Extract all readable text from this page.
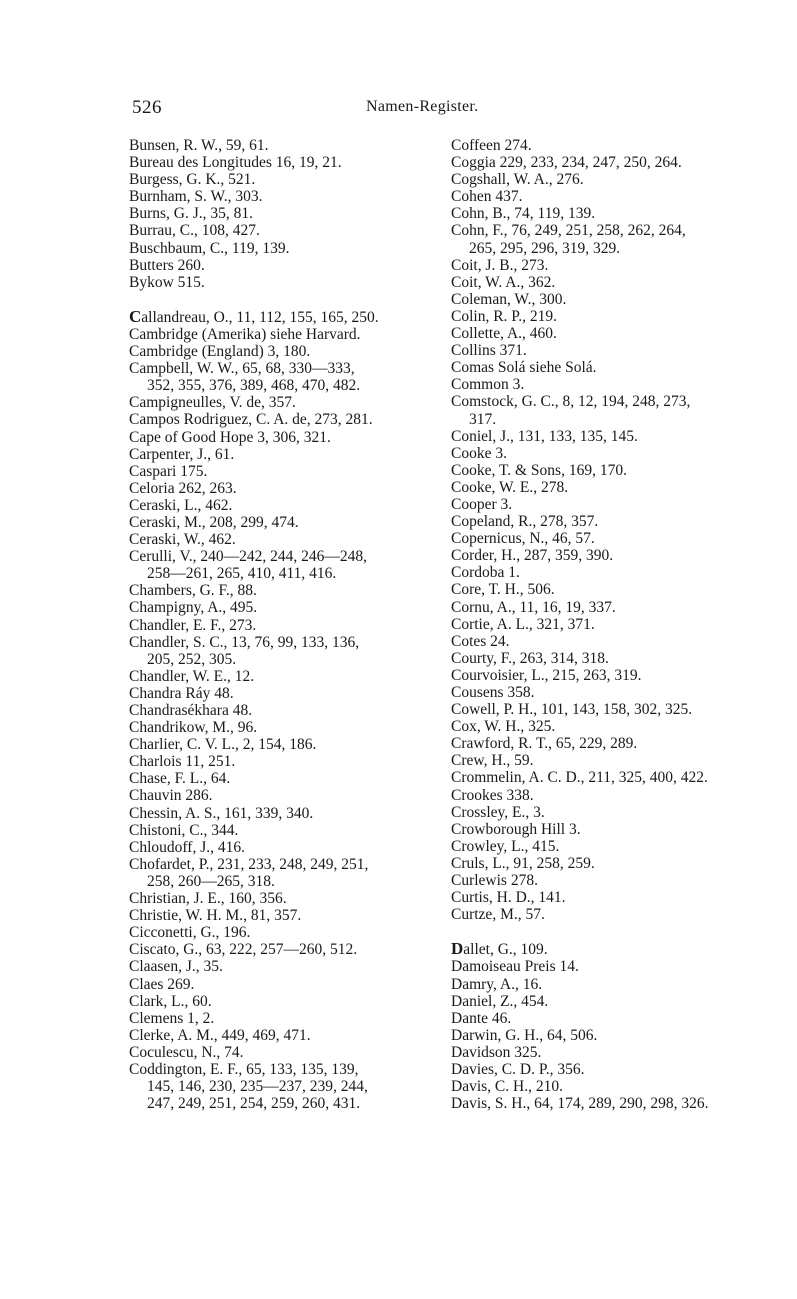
526	Namen-Register.
Bunsen, R. W., 59, 61.
Bureau des Longitudes 16, 19, 21.
Burgess, G. K., 521.
Burnham, S. W., 303.
Burns, G. J., 35, 81.
Burrau, C., 108, 427.
Buschbaum, C., 119, 139.
Butters 260.
Bykow 515.
Callandreau, O., 11, 112, 155, 165, 250.
Cambridge (Amerika) siehe Harvard.
Cambridge (England) 3, 180.
Campbell, W. W., 65, 68, 330—333,
352, 355, 376, 389, 468, 470, 482.
Campigneulles, V. de, 357.
Campos Rodriguez, C. A. de, 273, 281.
Cape of Good Hope 3, 306, 321.
Carpenter, J., 61.
Caspari 175.
Celoria 262, 263.
Ceraski, L., 462.
Ceraski, M., 208, 299, 474.
Ceraski, W., 462.
Cerulli, V., 240—242, 244, 246—248,
258—261, 265, 410, 411, 416.
Chambers, G. F., 88.
Champigny, A., 495.
Chandler, E. F., 273.
Chandler, S. C., 13, 76, 99, 133, 136,
205, 252, 305.
Chandler, W. E., 12.
Chandra Ráy 48.
Chandrasékhara 48.
Chandrikow, M., 96.
Charlier, C. V. L., 2, 154, 186.
Charlois 11, 251.
Chase, F. L., 64.
Chauvin 286.
Chessin, A. S., 161, 339, 340.
Chistoni, C., 344.
Chloudoff, J., 416.
Chofardet, P., 231, 233, 248, 249, 251,
258, 260—265, 318.
Christian, J. E., 160, 356.
Christie, W. H. M., 81, 357.
Cicconetti, G., 196.
Ciscato, G., 63, 222, 257—260, 512.
Claasen, J., 35.
Claes 269.
Clark, L., 60.
Clemens 1, 2.
Clerke, A. M., 449, 469, 471.
Coculescu, N., 74.
Coddington, E. F., 65, 133, 135, 139,
145, 146, 230, 235—237, 239, 244,
247, 249, 251, 254, 259, 260, 431.
Coffeen 274.
Coggia 229, 233, 234, 247, 250, 264.
Cogshall, W. A., 276.
Cohen 437.
Cohn, B., 74, 119, 139.
Cohn, F., 76, 249, 251, 258, 262, 264,
265, 295, 296, 319, 329.
Coit, J. B., 273.
Coit, W. A., 362.
Coleman, W., 300.
Colin, R. P., 219.
Collette, A., 460.
Collins 371.
Comas Solá siehe Solá.
Common 3.
Comstock, G. C., 8, 12, 194, 248, 273,
317.
Coniel, J., 131, 133, 135, 145.
Cooke 3.
Cooke, T. & Sons, 169, 170.
Cooke, W. E., 278.
Cooper 3.
Copeland, R., 278, 357.
Copernicus, N., 46, 57.
Corder, H., 287, 359, 390.
Cordoba 1.
Core, T. H., 506.
Cornu, A., 11, 16, 19, 337.
Cortie, A. L., 321, 371.
Cotes 24.
Courty, F., 263, 314, 318.
Courvoisier, L., 215, 263, 319.
Cousens 358.
Cowell, P. H., 101, 143, 158, 302, 325.
Cox, W. H., 325.
Crawford, R. T., 65, 229, 289.
Crew, H., 59.
Crommelin, A. C. D., 211, 325, 400, 422.
Crookes 338.
Crossley, E., 3.
Crowborough Hill 3.
Crowley, L., 415.
Cruls, L., 91, 258, 259.
Curlewis 278.
Curtis, H. D., 141.
Curtze, M., 57.
Dallet, G., 109.
Damoiseau Preis 14.
Damry, A., 16.
Daniel, Z., 454.
Dante 46.
Darwin, G. H., 64, 506.
Davidson 325.
Davies, C. D. P., 356.
Davis, C. H., 210.
Davis, S. H., 64, 174, 289, 290, 298, 326.
